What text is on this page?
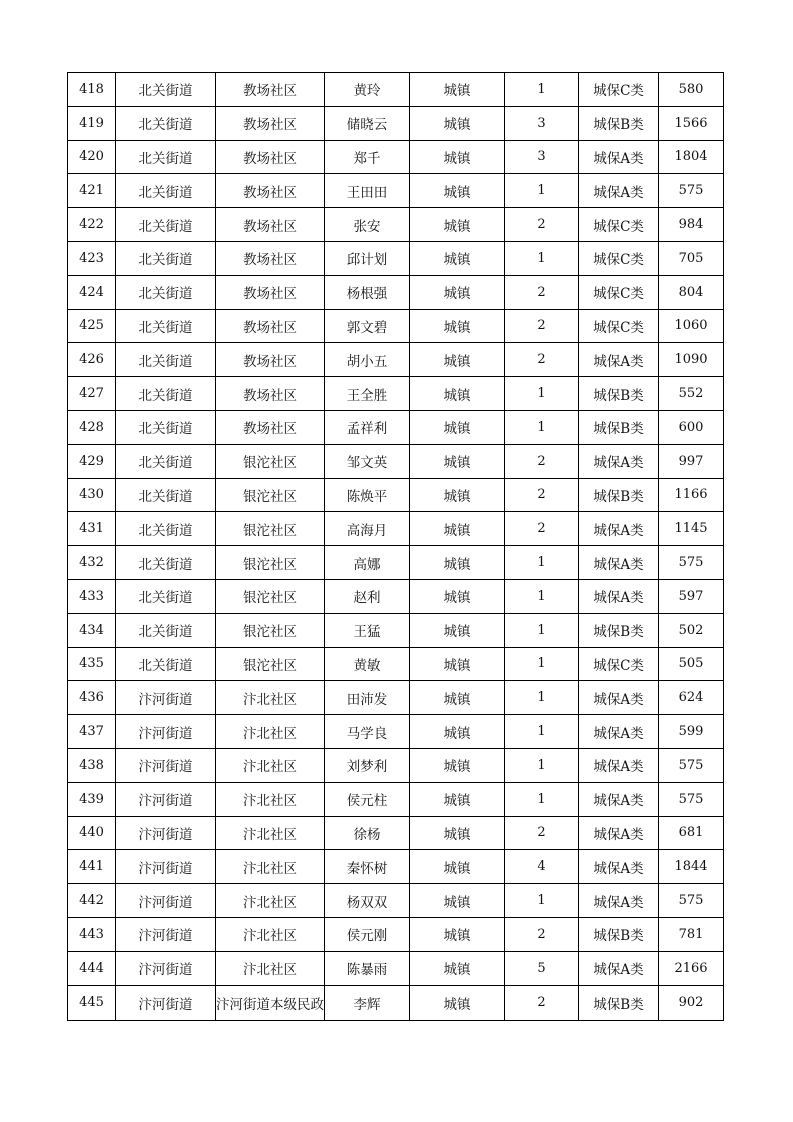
418	北关街道	教场社区	黄玲	城镇	1	城保C类	580
419	北关街道	教场社区	储晓云	城镇	3	城保B类	1566
420	北关街道	教场社区	郑千	城镇	3	城保A类	1804
421	北关街道	教场社区	王田田	城镇	1	城保A类	575
422	北关街道	教场社区	张安	城镇	2	城保C类	984
423	北关街道	教场社区	邱计划	城镇	1	城保C类	705
424	北关街道	教场社区	杨根强	城镇	2	城保C类	804
425	北关街道	教场社区	郭文碧	城镇	2	城保C类	1060
426	北关街道	教场社区	胡小五	城镇	2	城保A类	1090
427	北关街道	教场社区	王全胜	城镇	1	城保B类	552
428	北关街道	教场社区	孟祥利	城镇	1	城保B类	600
429	北关街道	银沱社区	邹文英	城镇	2	城保A类	997
430	北关街道	银沱社区	陈焕平	城镇	2	城保B类	1166
431	北关街道	银沱社区	高海月	城镇	2	城保A类	1145
432	北关街道	银沱社区	高娜	城镇	1	城保A类	575
433	北关街道	银沱社区	赵利	城镇	1	城保A类	597
434	北关街道	银沱社区	王猛	城镇	1	城保B类	502
435	北关街道	银沱社区	黄敏	城镇	1	城保C类	505
436	汴河街道	汴北社区	田沛发	城镇	1	城保A类	624
437	汴河街道	汴北社区	马学良	城镇	1	城保A类	599
438	汴河街道	汴北社区	刘梦利	城镇	1	城保A类	575
439	汴河街道	汴北社区	侯元柱	城镇	1	城保A类	575
440	汴河街道	汴北社区	徐杨	城镇	2	城保A类	681
441	汴河街道	汴北社区	秦怀树	城镇	4	城保A类	1844
442	汴河街道	汴北社区	杨双双	城镇	1	城保A类	575
443	汴河街道	汴北社区	侯元刚	城镇	2	城保B类	781
444	汴河街道	汴北社区	陈暴雨	城镇	5	城保A类	2166
445	汴河街道	汴河街道本级民政	李辉	城镇	2	城保B类	902
